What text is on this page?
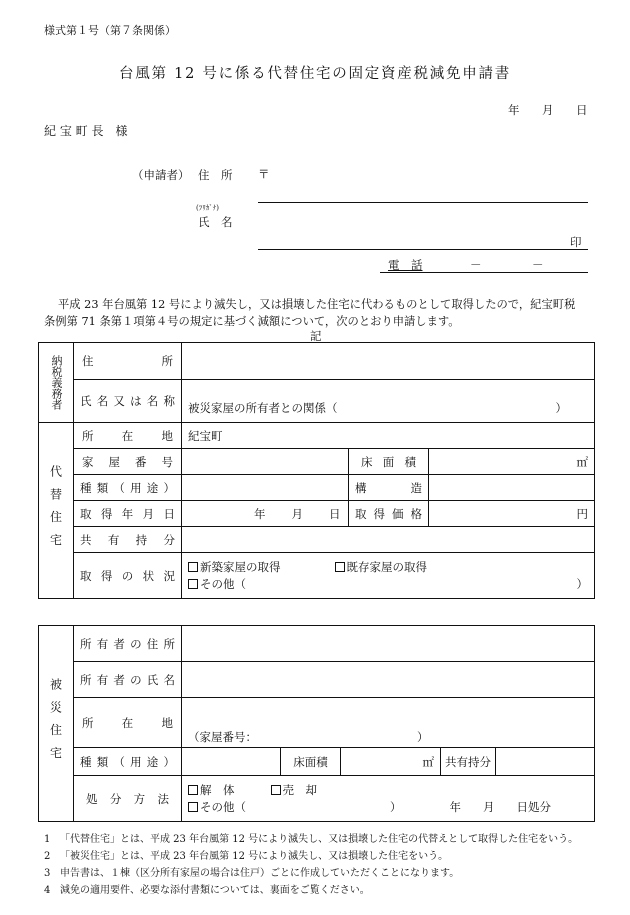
様式第１号（第７条関係）
台風第 12 号に係る代替住宅の固定資産税減免申請書
年 月 日
紀 宝 町 長　様
（申請者） 住　所 〒
(ﾌﾘｶﾞﾅ)
氏　名
印
電　話	－	－
平成 23 年台風第 12 号により滅失し，又は損壊した住宅に代わるものとして取得したので，紀宝町税
条例第 71 条第１項第４号の規定に基づく減額について，次のとおり申請します。
記
納税義務者	住　　所			

	氏名又は名称	被災家屋の所有者との関係（ ）		
代替住宅	所　在　地	紀宝町		

	家屋番号		床面積	㎡

	種類（用途）		構　　造	

	取得年月日	年 月 日	取得価格	円

	共有持分			

	取得の状況	新築家屋の取得 既存家屋の取得
その他（ ）		
被災住宅	所有者の住所					

	所有者の氏名					

	所　在　地	（家屋番号： ）				

	種類（用途）		床面積	㎡	共有持分	

	処分方法	解　体 売　却
その他（ ） 年 月 日処分				
1 「代替住宅」とは、平成 23 年台風第 12 号により滅失し、又は損壊した住宅の代替えとして取得した住宅をいう。
2 「被災住宅」とは、平成 23 年台風第 12 号により滅失し、又は損壊した住宅をいう。
3 申告書は、１棟（区分所有家屋の場合は住戸）ごとに作成していただくことになります。
4 減免の適用要件、必要な添付書類については、裏面をご覧ください。
